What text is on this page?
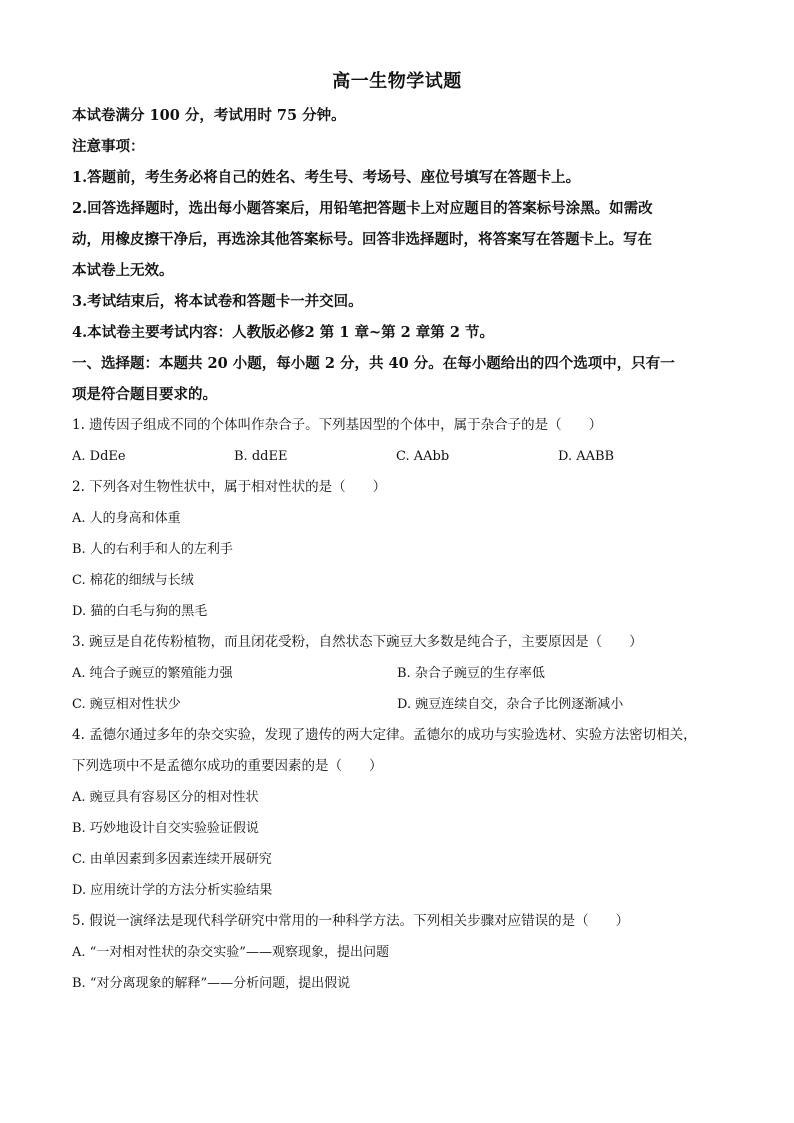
高一生物学试题

本试卷满分 100 分，考试用时 75 分钟。

注意事项：

1.答题前，考生务必将自己的姓名、考生号、考场号、座位号填写在答题卡上。

2.回答选择题时，选出每小题答案后，用铅笔把答题卡上对应题目的答案标号涂黑。如需改

动，用橡皮擦干净后，再选涂其他答案标号。回答非选择题时，将答案写在答题卡上。写在

本试卷上无效。

3.考试结束后，将本试卷和答题卡一并交回。

4.本试卷主要考试内容：人教版必修2 第 1 章~第 2 章第 2 节。

一、选择题：本题共 20 小题，每小题 2 分，共 40 分。在每小题给出的四个选项中，只有一

项是符合题目要求的。

1. 遗传因子组成不同的个体叫作杂合子。下列基因型的个体中，属于杂合子的是（　　）

A. DdEe	B. ddEE	C. AAbb	D. AABB

2. 下列各对生物性状中，属于相对性状的是（　　）

A. 人的身高和体重

B. 人的右利手和人的左利手

C. 棉花的细绒与长绒

D. 猫的白毛与狗的黑毛

3. 豌豆是自花传粉植物，而且闭花受粉，自然状态下豌豆大多数是纯合子，主要原因是（　　）

A. 纯合子豌豆的繁殖能力强	B. 杂合子豌豆的生存率低
C. 豌豆相对性状少	D. 豌豆连续自交，杂合子比例逐渐减小

4. 孟德尔通过多年的杂交实验，发现了遗传的两大定律。孟德尔的成功与实验选材、实验方法密切相关，

下列选项中不是孟德尔成功的重要因素的是（　　）

A. 豌豆具有容易区分的相对性状

B. 巧妙地设计自交实验验证假说

C. 由单因素到多因素连续开展研究

D. 应用统计学的方法分析实验结果

5. 假说一演绎法是现代科学研究中常用的一种科学方法。下列相关步骤对应错误的是（　　）

A. “一对相对性状的杂交实验”——观察现象，提出问题

B. “对分离现象的解释”——分析问题，提出假说
